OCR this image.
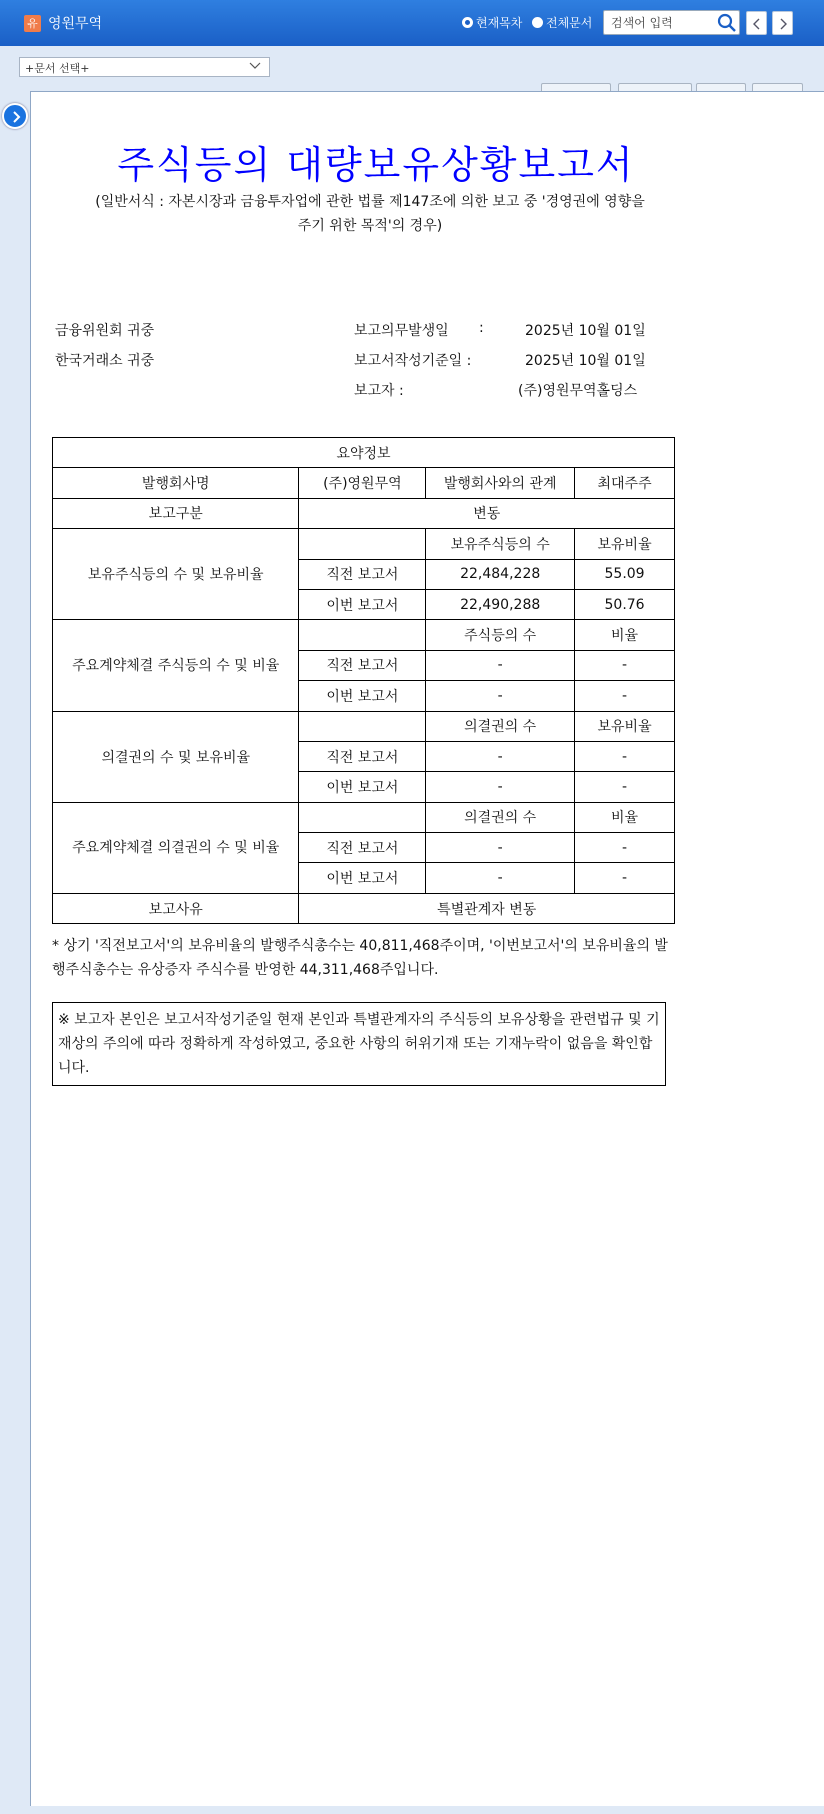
유 영원무역	현재목차 전체문서	검색어 입력
+문서 선택+
주식등의 대량보유상황보고서
(일반서식 : 자본시장과 금융투자업에 관한 법률 제147조에 의한 보고 중 '경영권에 영향을
주기 위한 목적'의 경우)
금융위원회 귀중
한국거래소 귀중
보고의무발생일 :	2025년 10월 01일
보고서작성기준일 :	2025년 10월 01일
보고자 :	(주)영원무역홀딩스
요약정보			
발행회사명	(주)영원무역	발행회사와의 관계	최대주주
보고구분	변동		
보유주식등의 수 및 보유비율		보유주식등의 수	보유비율
	직전 보고서	22,484,228	55.09
	이번 보고서	22,490,288	50.76
주요계약체결 주식등의 수 및 비율		주식등의 수	비율
	직전 보고서	-	-
	이번 보고서	-	-
의결권의 수 및 보유비율		의결권의 수	보유비율
	직전 보고서	-	-
	이번 보고서	-	-
주요계약체결 의결권의 수 및 비율		의결권의 수	비율
	직전 보고서	-	-
	이번 보고서	-	-
보고사유	특별관계자 변동		
* 상기 '직전보고서'의 보유비율의 발행주식총수는 40,811,468주이며, '이번보고서'의 보유비율의 발행주식총수는 유상증자 주식수를 반영한 44,311,468주입니다.
※ 보고자 본인은 보고서작성기준일 현재 본인과 특별관계자의 주식등의 보유상황을 관련법규 및 기재상의 주의에 따라 정확하게 작성하였고, 중요한 사항의 허위기재 또는 기재누락이 없음을 확인합니다.
